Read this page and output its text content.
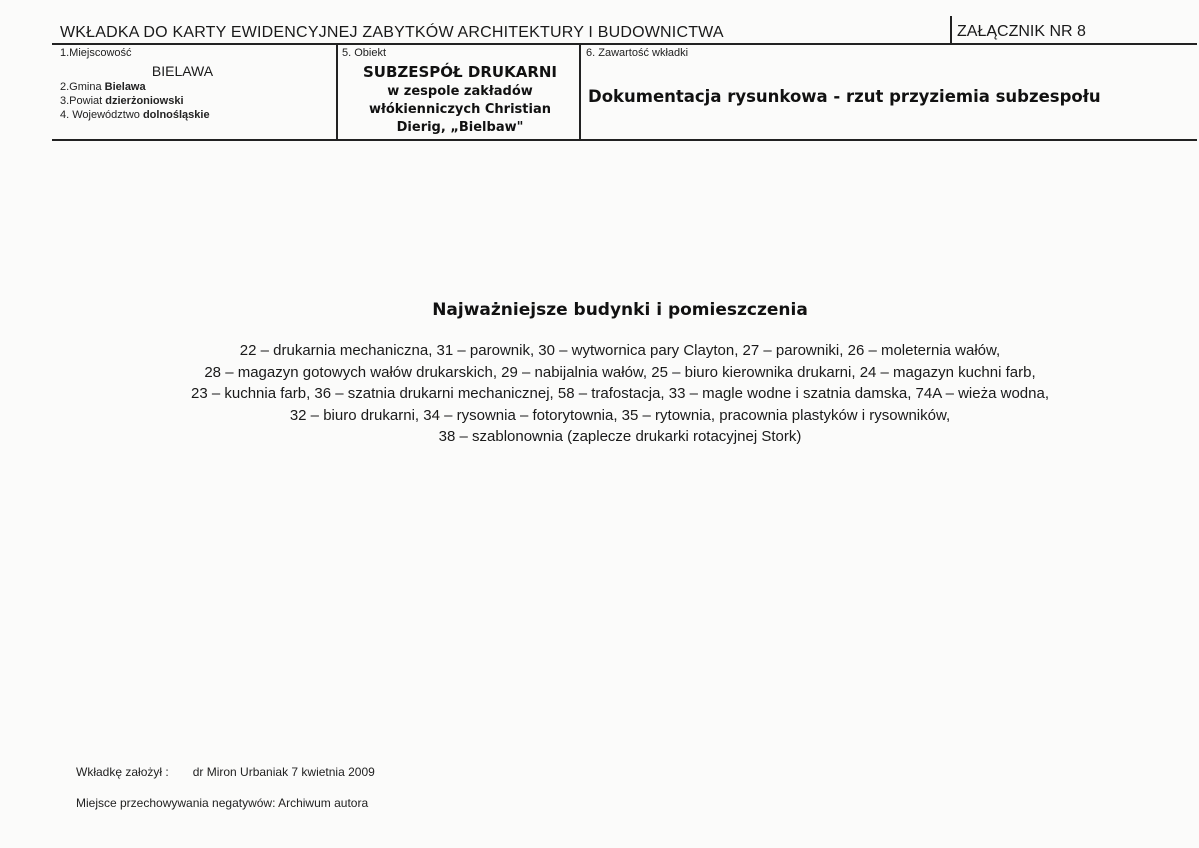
WKŁADKA DO KARTY EWIDENCYJNEJ ZABYTKÓW ARCHITEKTURY I BUDOWNICTWA	ZAŁĄCZNIK NR 8
1.Miejscowość
BIELAWA
2.Gmina Bielawa
3.Powiat dzierżoniowski
4. Województwo dolnośląskie
5. Obiekt
SUBZESPÓŁ DRUKARNI
w zespole zakładów
włókienniczych Christian
Dierig, „Bielbaw"
6. Zawartość wkładki
Dokumentacja rysunkowa - rzut przyziemia subzespołu
Najważniejsze budynki i pomieszczenia
22 – drukarnia mechaniczna, 31 – parownik, 30 – wytwornica pary Clayton, 27 – parowniki, 26 – moleternia wałów,
28 – magazyn gotowych wałów drukarskich, 29 – nabijalnia wałów, 25 – biuro kierownika drukarni, 24 – magazyn kuchni farb,
23 – kuchnia farb, 36 – szatnia drukarni mechanicznej, 58 – trafostacja, 33 – magle wodne i szatnia damska, 74A – wieża wodna,
32 – biuro drukarni, 34 – rysownia – fotorytownia, 35 – rytownia, pracownia plastyków i rysowników,
38 – szablonownia (zaplecze drukarki rotacyjnej Stork)
Wkładkę założył : dr Miron Urbaniak 7 kwietnia 2009
Miejsce przechowywania negatywów: Archiwum autora
